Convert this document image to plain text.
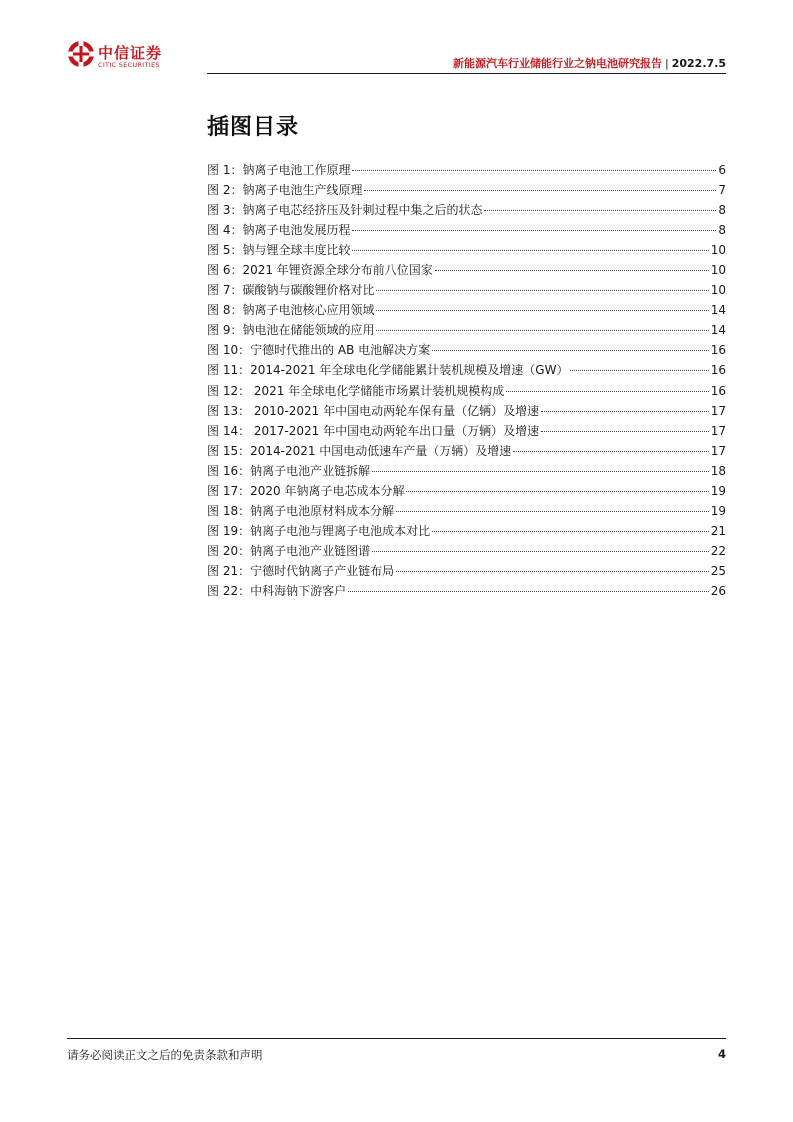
中信证券
CITIC SECURITIES	新能源汽车行业储能行业之钠电池研究报告 | 2022.7.5
插图目录
图 1：钠离子电池工作原理	6
图 2：钠离子电池生产线原理	7
图 3：钠离子电芯经挤压及针刺过程中集之后的状态	8
图 4：钠离子电池发展历程	8
图 5：钠与锂全球丰度比较	10
图 6：2021 年锂资源全球分布前八位国家	10
图 7：碳酸钠与碳酸锂价格对比	10
图 8：钠离子电池核心应用领域	14
图 9：钠电池在储能领域的应用	14
图 10：宁德时代推出的 AB 电池解决方案	16
图 11：2014-2021 年全球电化学储能累计装机规模及增速（GW）	16
图 12： 2021 年全球电化学储能市场累计装机规模构成	16
图 13： 2010-2021 年中国电动两轮车保有量（亿辆）及增速	17
图 14： 2017-2021 年中国电动两轮车出口量（万辆）及增速	17
图 15：2014-2021 中国电动低速车产量（万辆）及增速	17
图 16：钠离子电池产业链拆解	18
图 17：2020 年钠离子电芯成本分解	19
图 18：钠离子电池原材料成本分解	19
图 19：钠离子电池与锂离子电池成本对比	21
图 20：钠离子电池产业链图谱	22
图 21：宁德时代钠离子产业链布局	25
图 22：中科海钠下游客户	26
请务必阅读正文之后的免责条款和声明	4
